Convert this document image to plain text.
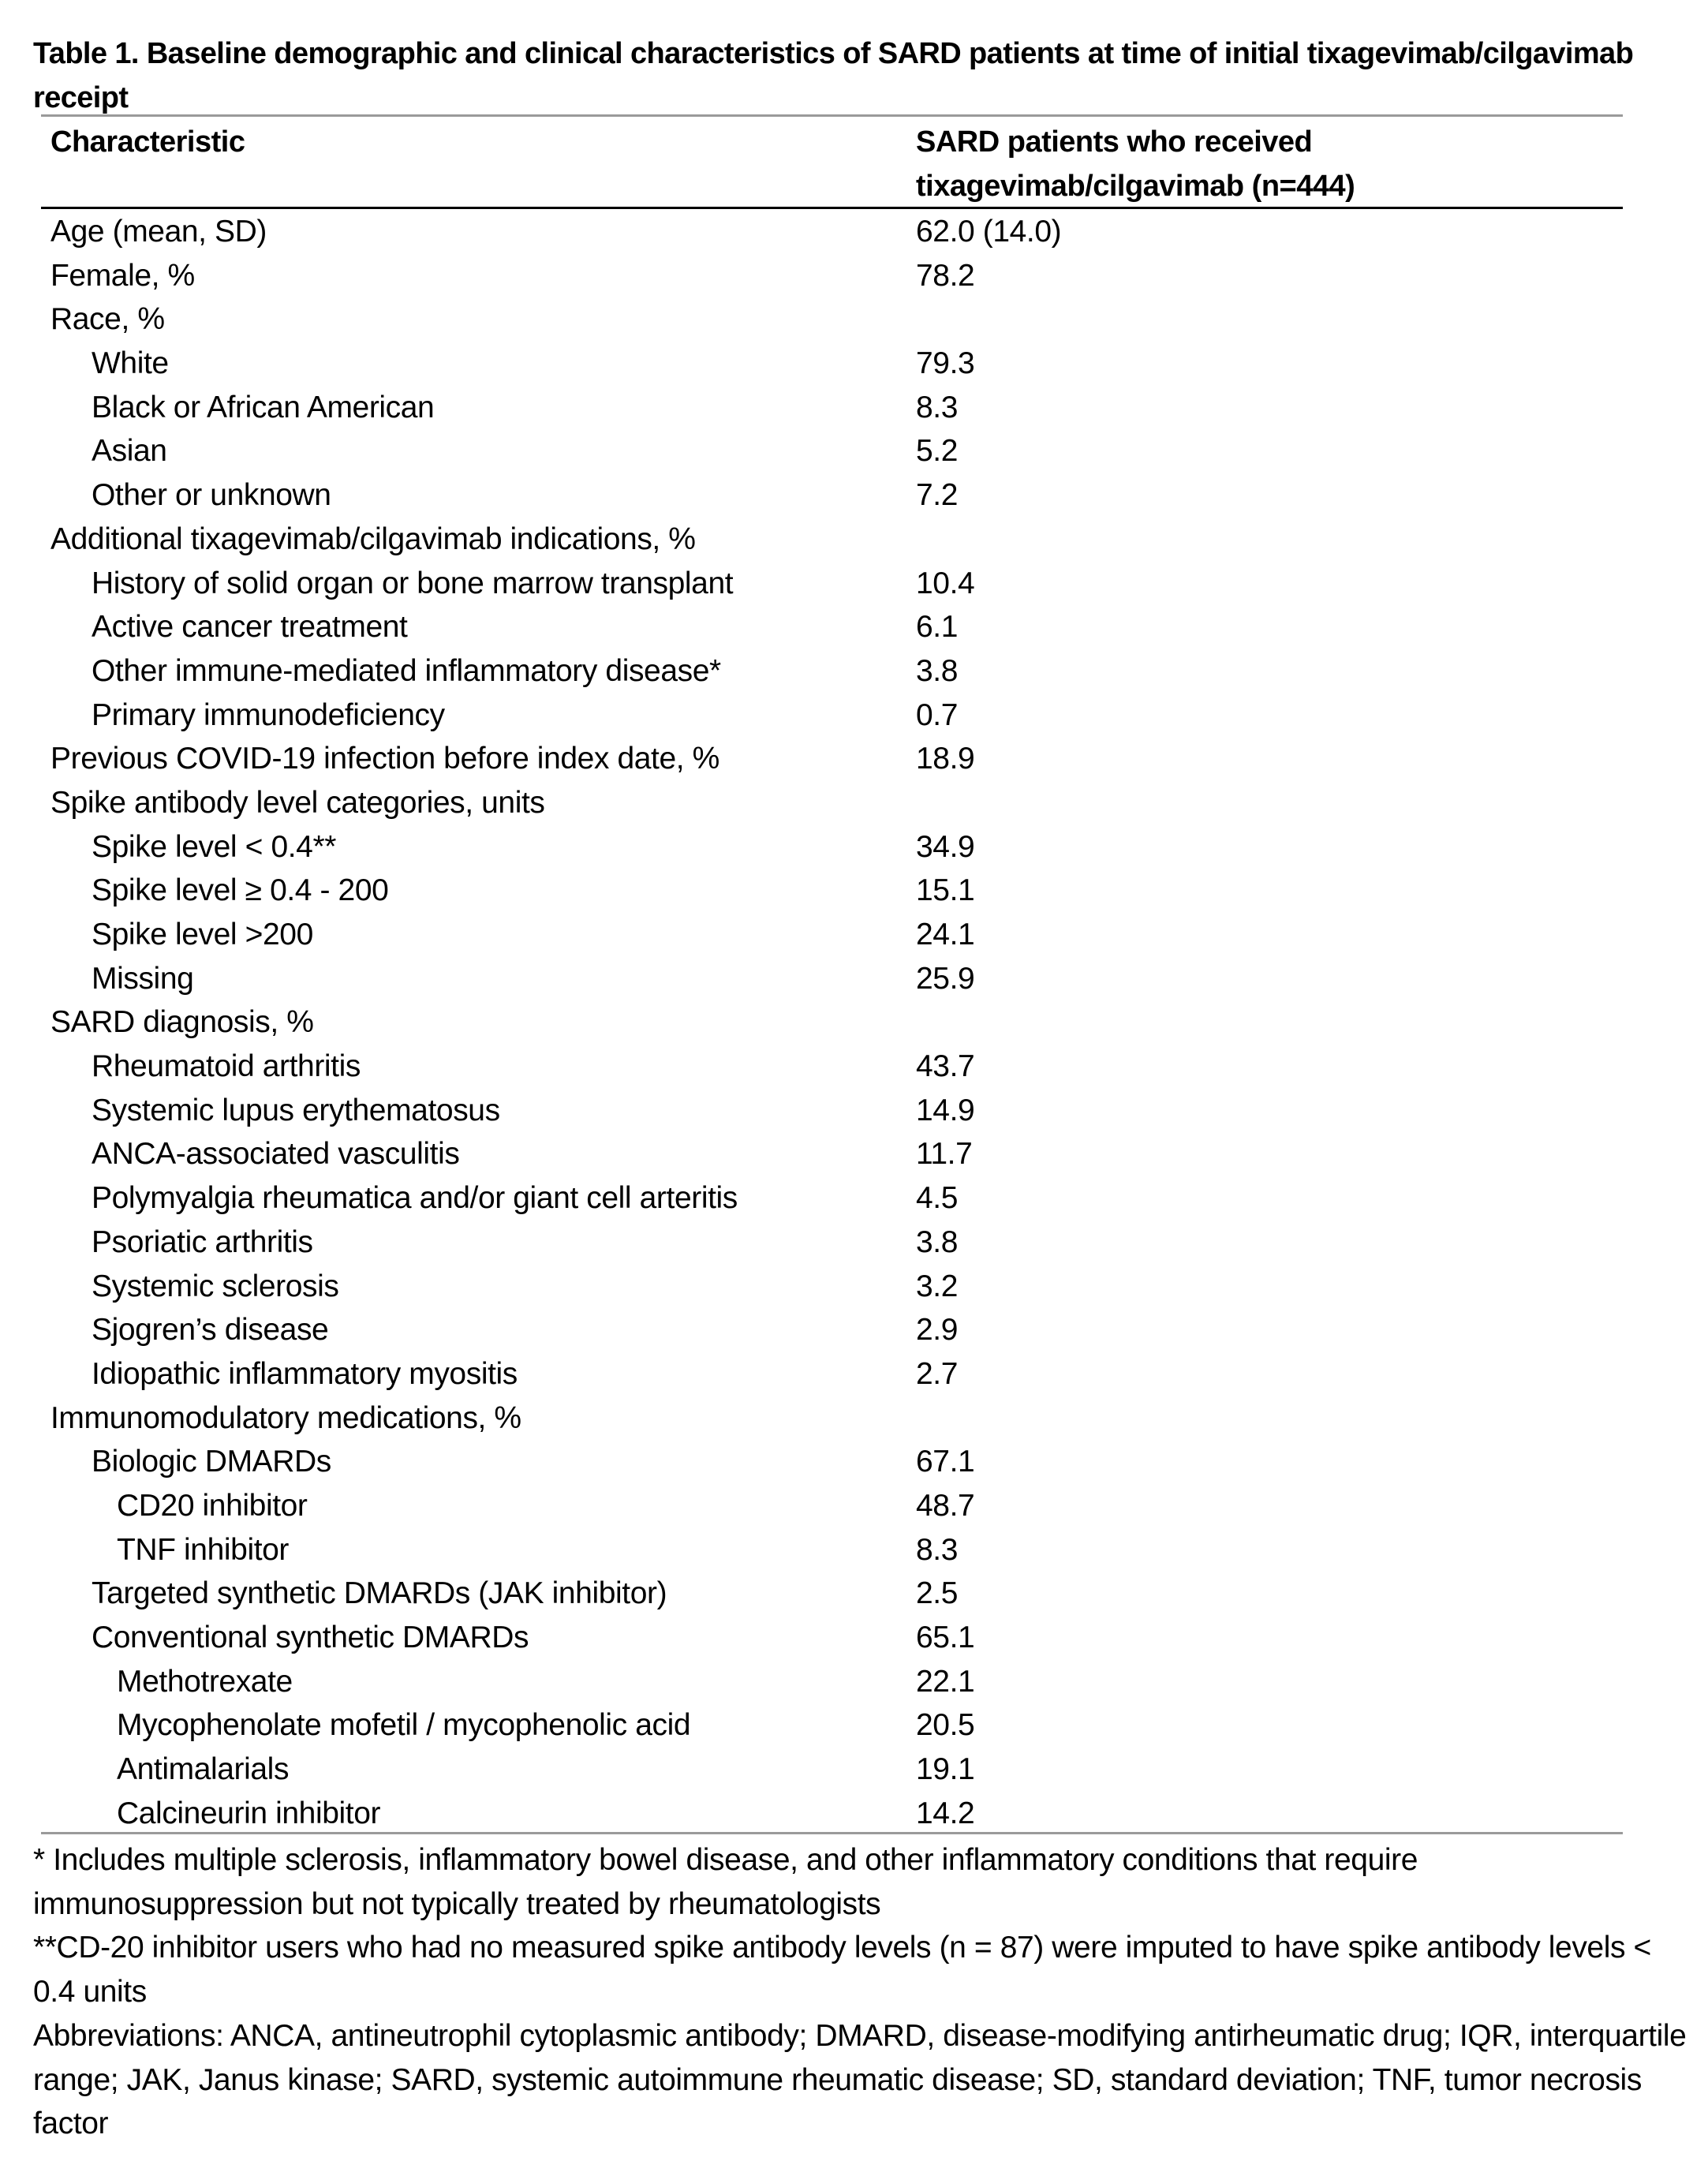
Table 1. Baseline demographic and clinical characteristics of SARD patients at time of initial tixagevimab/cilgavimab receipt
Characteristic	SARD patients who received tixagevimab/cilgavimab (n=444)
Age (mean, SD)	62.0 (14.0)
Female, %	78.2
Race, %
White	79.3
Black or African American	8.3
Asian	5.2
Other or unknown	7.2
Additional tixagevimab/cilgavimab indications, %
History of solid organ or bone marrow transplant	10.4
Active cancer treatment	6.1
Other immune-mediated inflammatory disease*	3.8
Primary immunodeficiency	0.7
Previous COVID-19 infection before index date, %	18.9
Spike antibody level categories, units
Spike level < 0.4**	34.9
Spike level ≥ 0.4 - 200	15.1
Spike level >200	24.1
Missing	25.9
SARD diagnosis, %
Rheumatoid arthritis	43.7
Systemic lupus erythematosus	14.9
ANCA-associated vasculitis	11.7
Polymyalgia rheumatica and/or giant cell arteritis	4.5
Psoriatic arthritis	3.8
Systemic sclerosis	3.2
Sjogren’s disease	2.9
Idiopathic inflammatory myositis	2.7
Immunomodulatory medications, %
Biologic DMARDs	67.1
CD20 inhibitor	48.7
TNF inhibitor	8.3
Targeted synthetic DMARDs (JAK inhibitor)	2.5
Conventional synthetic DMARDs	65.1
Methotrexate	22.1
Mycophenolate mofetil / mycophenolic acid	20.5
Antimalarials	19.1
Calcineurin inhibitor	14.2

* Includes multiple sclerosis, inflammatory bowel disease, and other inflammatory conditions that require immunosuppression but not typically treated by rheumatologists

**CD-20 inhibitor users who had no measured spike antibody levels (n = 87) were imputed to have spike antibody levels < 0.4 units

Abbreviations: ANCA, antineutrophil cytoplasmic antibody; DMARD, disease-modifying antirheumatic drug; IQR, interquartile range; JAK, Janus kinase; SARD, systemic autoimmune rheumatic disease; SD, standard deviation; TNF, tumor necrosis factor
